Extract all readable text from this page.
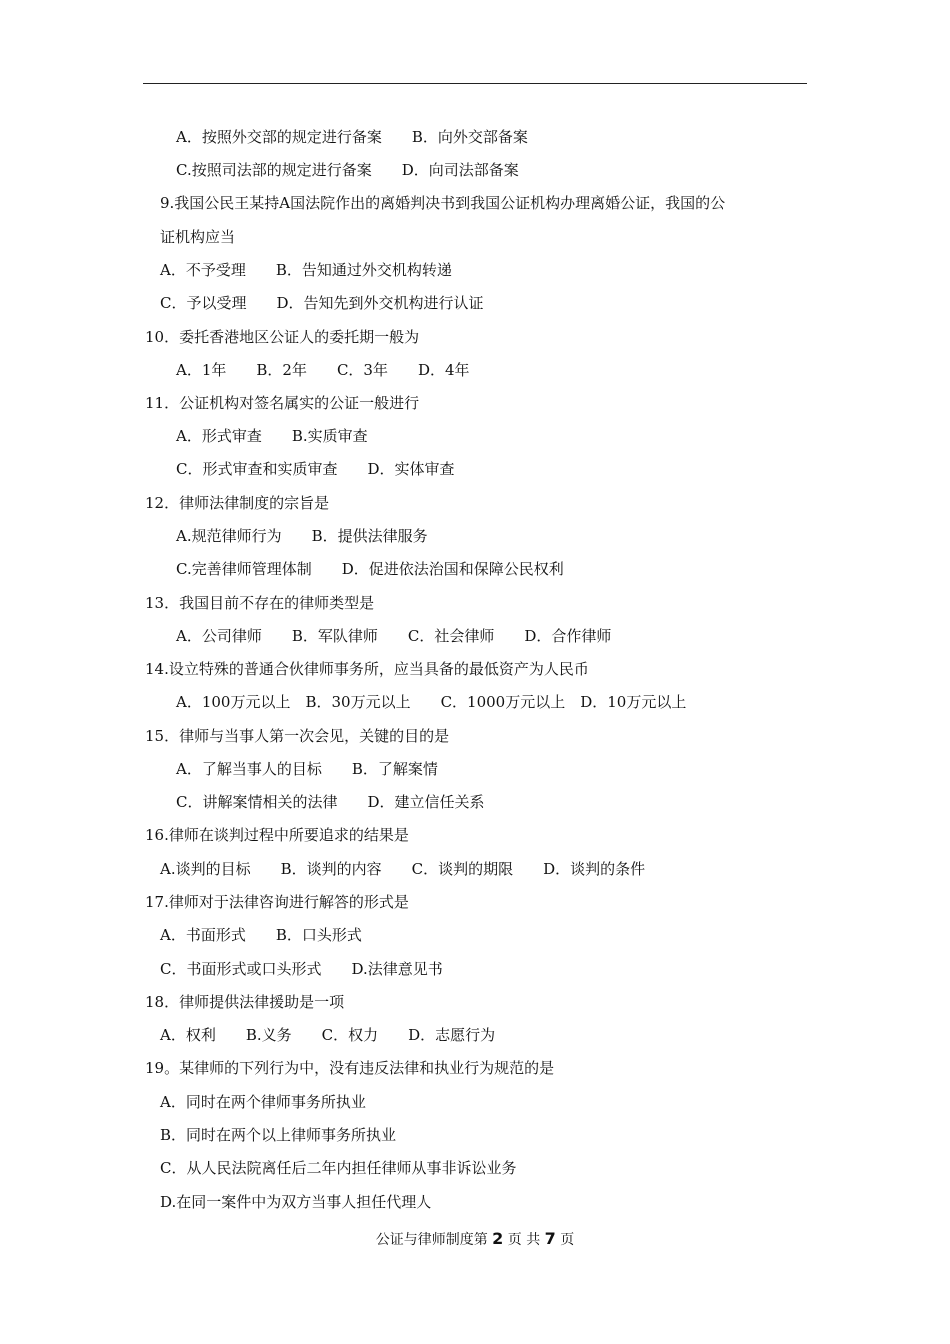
A．按照外交部的规定进行备案　　B．向外交部备案
C.按照司法部的规定进行备案　　D．向司法部备案
9.我国公民王某持A国法院作出的离婚判决书到我国公证机构办理离婚公证，我国的公
证机构应当
A．不予受理　　B．告知通过外交机构转递
C．予以受理　　D．告知先到外交机构进行认证
10．委托香港地区公证人的委托期一般为
A．1年　　B．2年　　C．3年　　D．4年
11．公证机构对签名属实的公证一般进行
A．形式审查　　B.实质审查
C．形式审查和实质审查　　D．实体审查
12．律师法律制度的宗旨是
A.规范律师行为　　B．提供法律服务
C.完善律师管理体制　　D．促进依法治国和保障公民权利
13．我国目前不存在的律师类型是
A．公司律师　　B．军队律师　　C．社会律师　　D．合作律师
14.设立特殊的普通合伙律师事务所，应当具备的最低资产为人民币
A．100万元以上　B．30万元以上　　C．1000万元以上　D．10万元以上
15．律师与当事人第一次会见，关键的目的是
A．了解当事人的目标　　B．了解案情
C．讲解案情相关的法律　　D．建立信任关系
16.律师在谈判过程中所要追求的结果是
A.谈判的目标　　B．谈判的内容　　C．谈判的期限　　D．谈判的条件
17.律师对于法律咨询进行解答的形式是
A．书面形式　　B．口头形式
C．书面形式或口头形式　　D.法律意见书
18．律师提供法律援助是一项
A．权利　　B.义务　　C．权力　　D．志愿行为
19。某律师的下列行为中，没有违反法律和执业行为规范的是
A．同时在两个律师事务所执业
B．同时在两个以上律师事务所执业
C．从人民法院离任后二年内担任律师从事非诉讼业务
D.在同一案件中为双方当事人担任代理人
公证与律师制度第 2 页 共 7 页
